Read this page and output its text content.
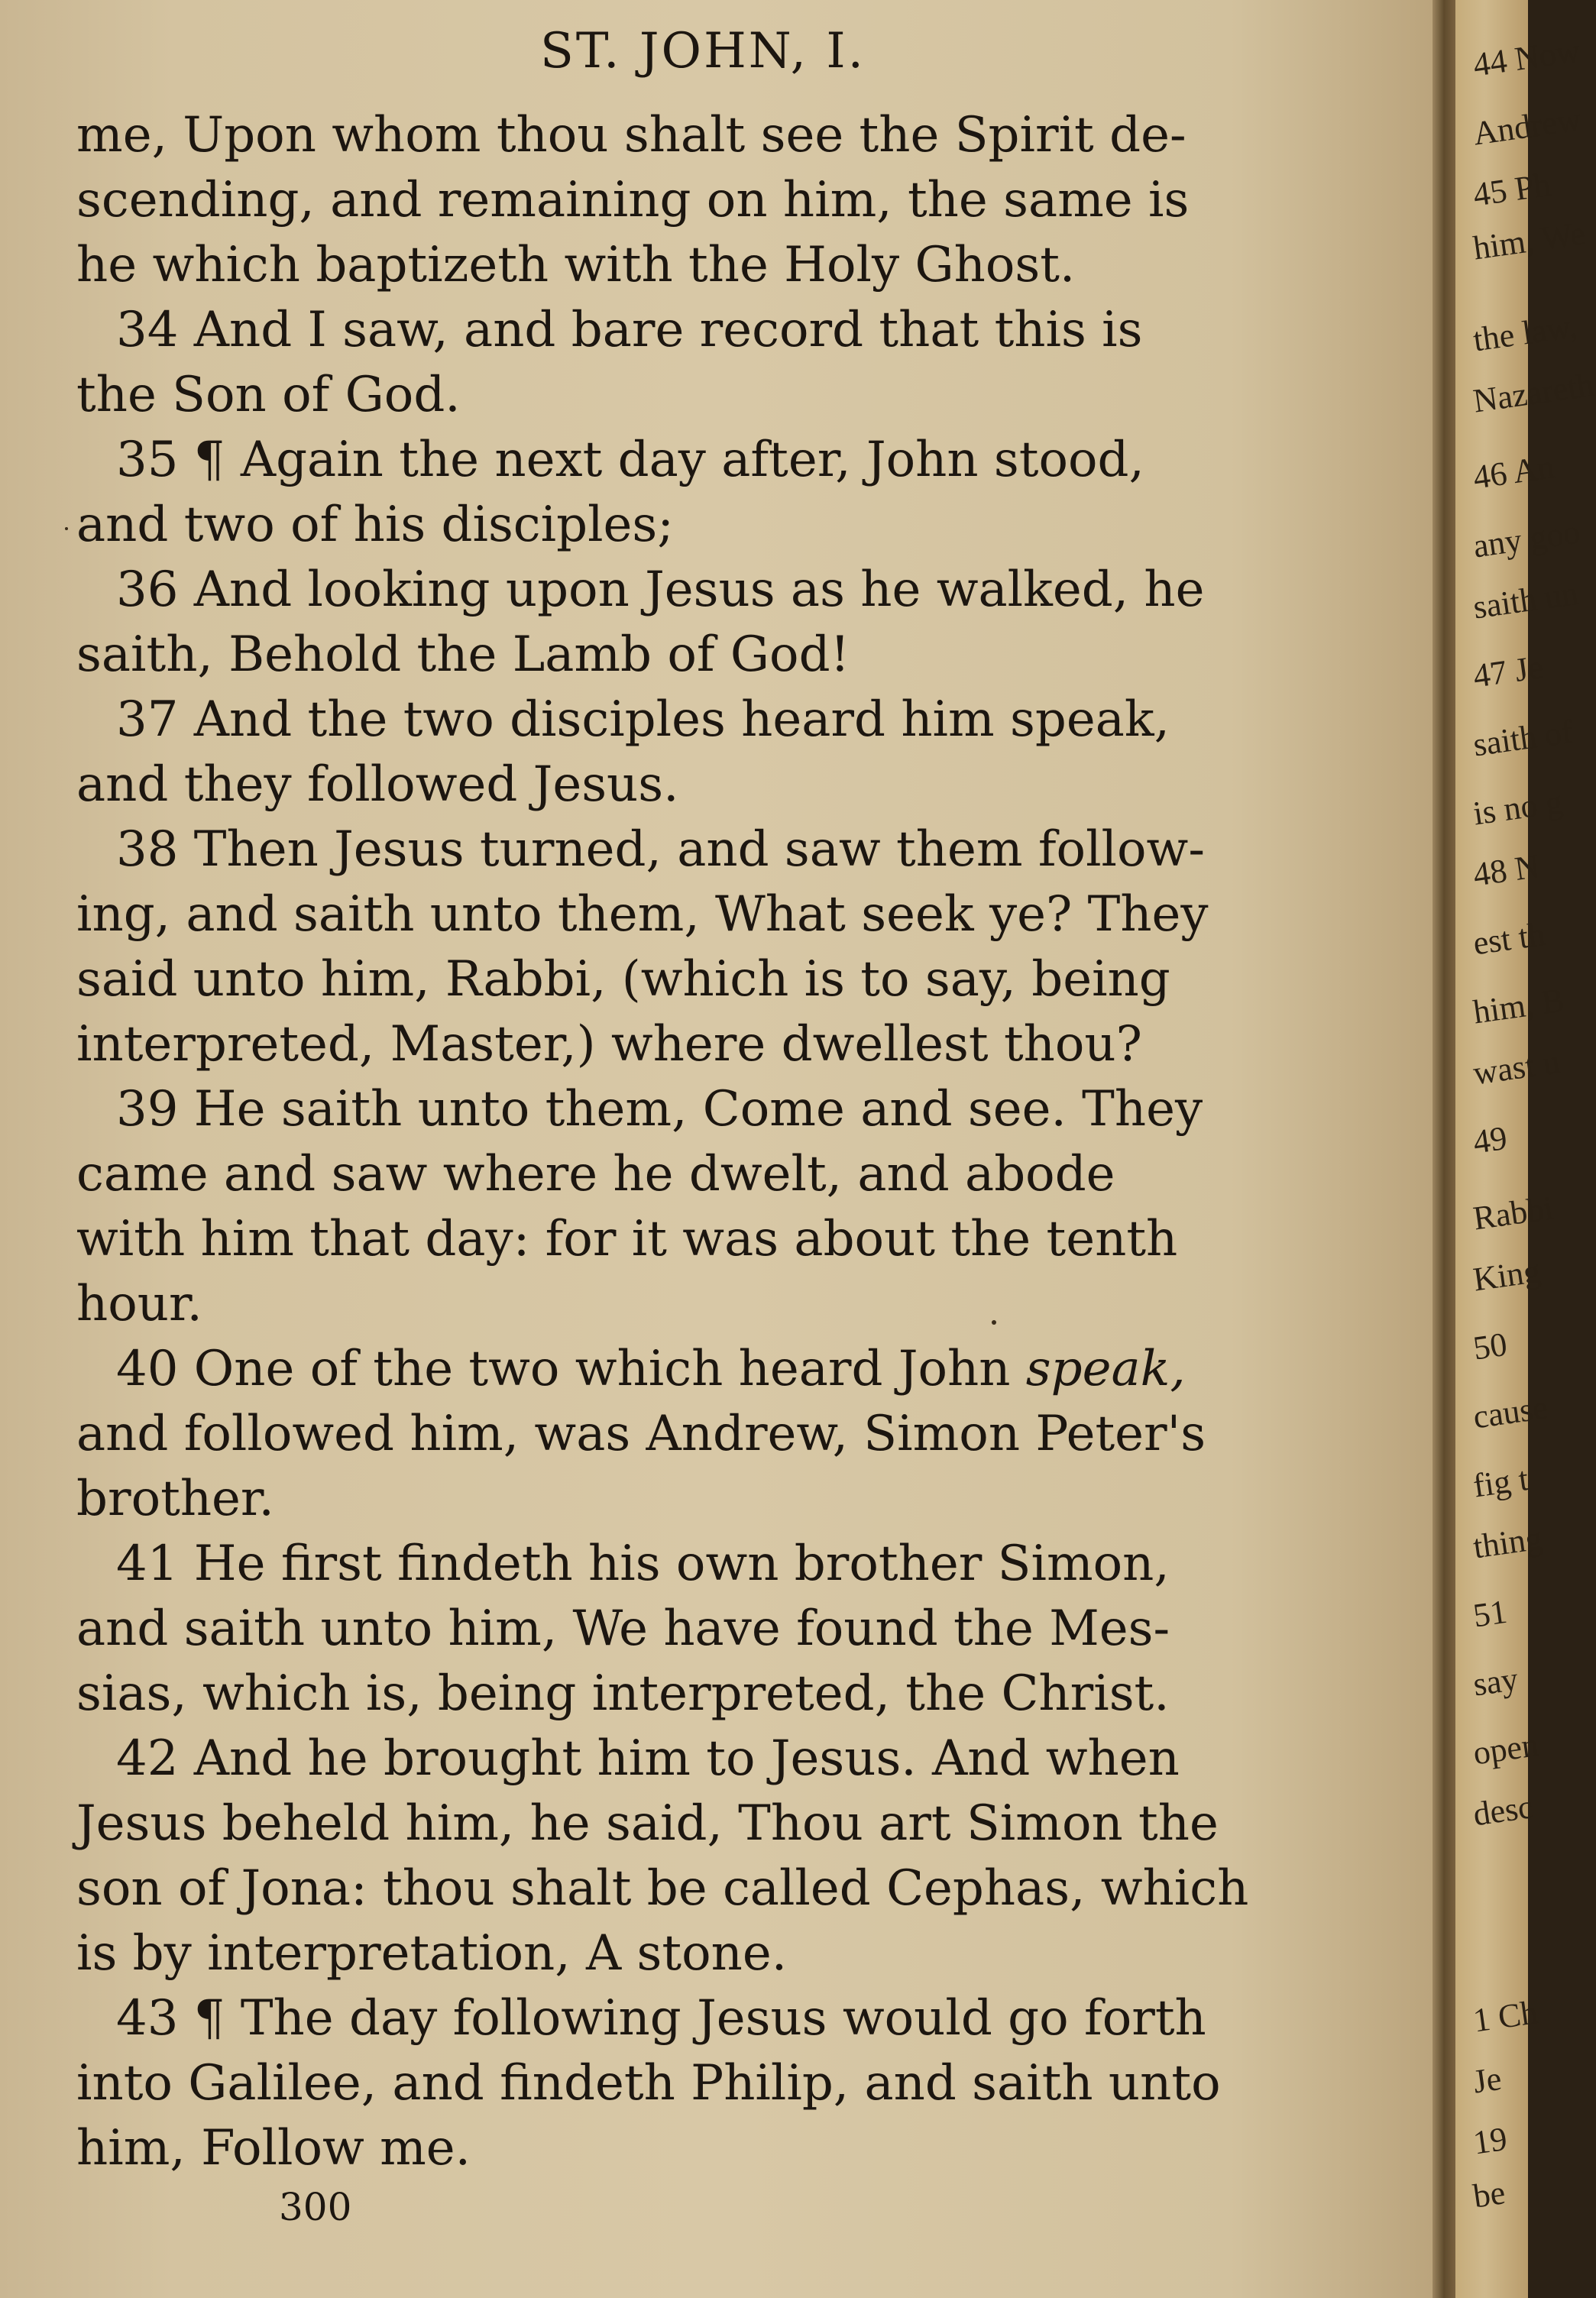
ST. JOHN, I.
me, Upon whom thou shalt see the Spirit de-
scending, and remaining on him, the same is
he which baptizeth with the Holy Ghost.
34 And I saw, and bare record that this is
the Son of God.
35 ¶ Again the next day after, John stood,
and two of his disciples;
36 And looking upon Jesus as he walked, he
saith, Behold the Lamb of God!
37 And the two disciples heard him speak,
and they followed Jesus.
38 Then Jesus turned, and saw them follow-
ing, and saith unto them, What seek ye? They
said unto him, Rabbi, (which is to say, being
interpreted, Master,) where dwellest thou?
39 He saith unto them, Come and see. They
came and saw where he dwelt, and abode
with him that day: for it was about the tenth
hour.
40 One of the two which heard John speak,
and followed him, was Andrew, Simon Peter's
brother.
41 He first findeth his own brother Simon,
and saith unto him, We have found the Mes-
sias, which is, being interpreted, the Christ.
42 And he brought him to Jesus. And when
Jesus beheld him, he said, Thou art Simon the
son of Jona: thou shalt be called Cephas, which
is by interpretation, A stone.
43 ¶ The day following Jesus would go forth
into Galilee, and findeth Philip, and saith unto
him, Follow me.
300
44 Now
Andrew
45 Ph
him, We
the law,
Nazareth
46 An
any goo
saith un
47 Je
saith of
is no g
48 N
est th
him, B
wast u
49
Rabbi
King
50
cause
fig t
thing
51
say
open
desc
1 Ch
Je
19
be
